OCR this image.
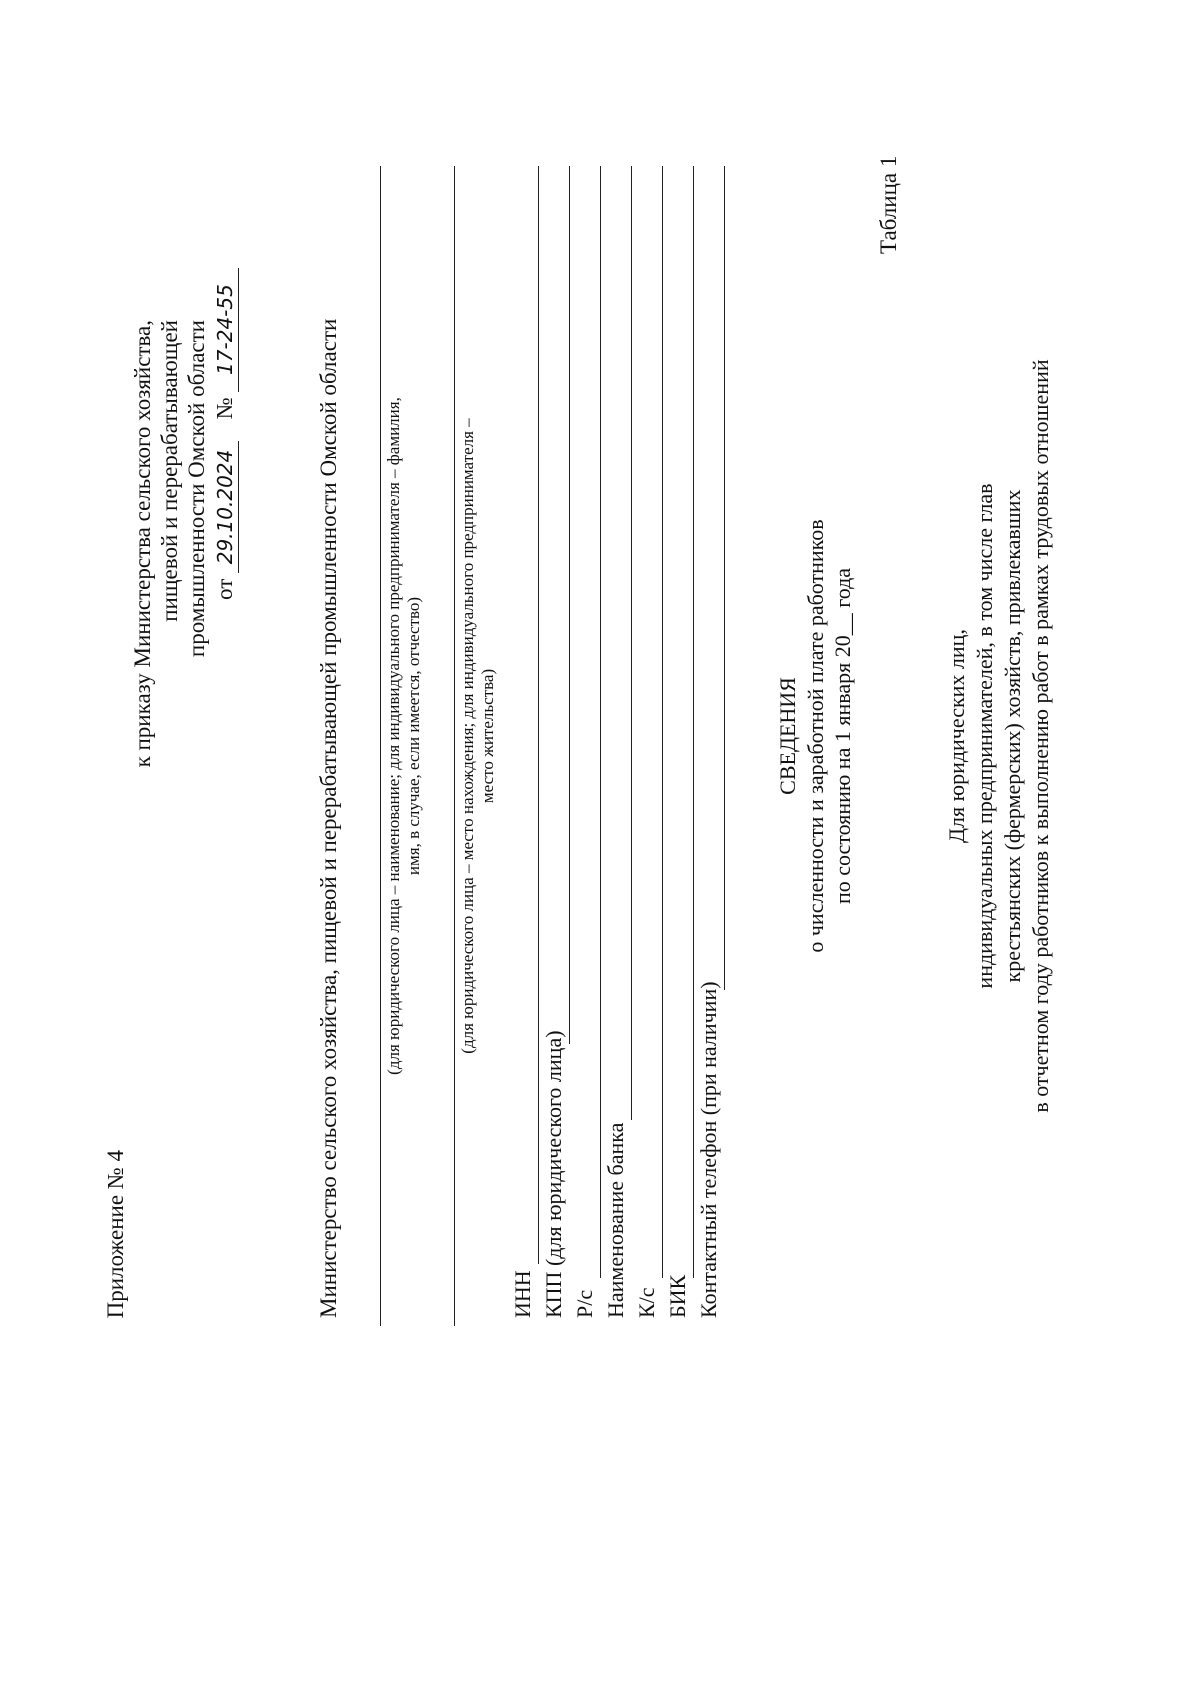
Приложение № 4
к приказу Министерства сельского хозяйства, пищевой и перерабатывающей промышленности Омской области от 29.10.2024 № 17-24-55	Министерство сельского хозяйства, пищевой и перерабатывающей промышленности Омской области	(для юридического лица – наименование; для индивидуального предпринимателя – фамилия, имя, в случае, если имеется, отчество) (для юридического лица – место нахождения; для индивидуального предпринимателя – место жительства)
ИНН КПП (для юридического лица) Р/с Наименование банка К/с БИК Контактный телефон (при наличии)
СВЕДЕНИЯ о численности и заработной плате работников по состоянию на 1 января 20__ года
Таблица 1
Для юридических лиц, индивидуальных предпринимателей, в том числе глав крестьянских (фермерских) хозяйств, привлекавших в отчетном году работников к выполнению работ в рамках трудовых отношений
